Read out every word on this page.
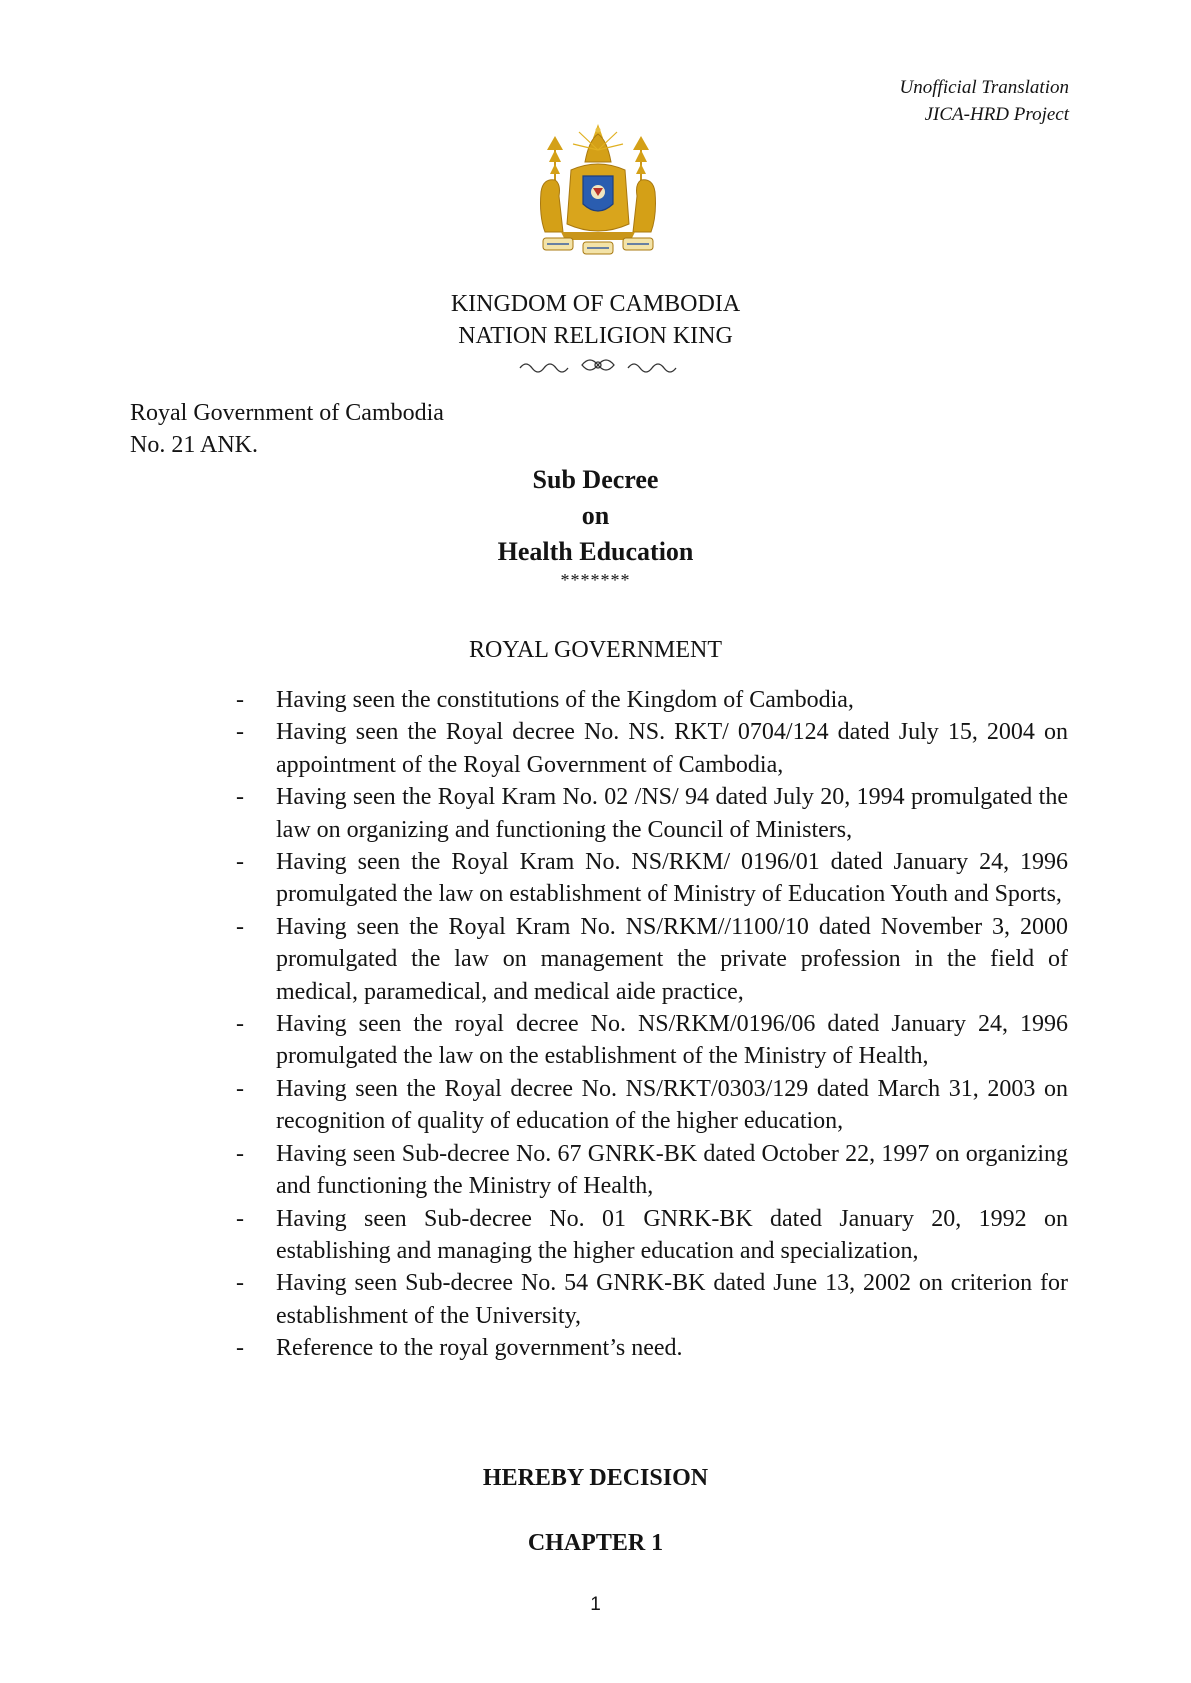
Unofficial Translation
JICA-HRD Project
KINGDOM OF CAMBODIA
NATION RELIGION KING
Royal Government of Cambodia
No. 21 ANK.
Sub Decree
on
Health Education
*******
ROYAL GOVERNMENT
- Having seen the constitutions of the Kingdom of Cambodia,
- Having seen the Royal decree No. NS. RKT/ 0704/124 dated July 15, 2004 on appointment of the Royal Government of Cambodia,
- Having seen the Royal Kram No. 02 /NS/ 94 dated July 20, 1994 promulgated the law on organizing and functioning the Council of Ministers,
- Having seen the Royal Kram No. NS/RKM/ 0196/01 dated January 24, 1996 promulgated the law on establishment of Ministry of Education Youth and Sports,
- Having seen the Royal Kram No. NS/RKM//1100/10 dated November 3, 2000 promulgated the law on management the private profession in the field of medical, paramedical, and medical aide practice,
- Having seen the royal decree No. NS/RKM/0196/06 dated January 24, 1996 promulgated the law on the establishment of the Ministry of Health,
- Having seen the Royal decree No. NS/RKT/0303/129 dated March 31, 2003 on recognition of quality of education of the higher education,
- Having seen Sub-decree No. 67 GNRK-BK dated October 22, 1997 on organizing and functioning the Ministry of Health,
- Having seen Sub-decree No. 01 GNRK-BK dated January 20, 1992 on establishing and managing the higher education and specialization,
- Having seen Sub-decree No. 54 GNRK-BK dated June 13, 2002 on criterion for establishment of the University,
- Reference to the royal government’s need.
HEREBY DECISION
CHAPTER 1
1
